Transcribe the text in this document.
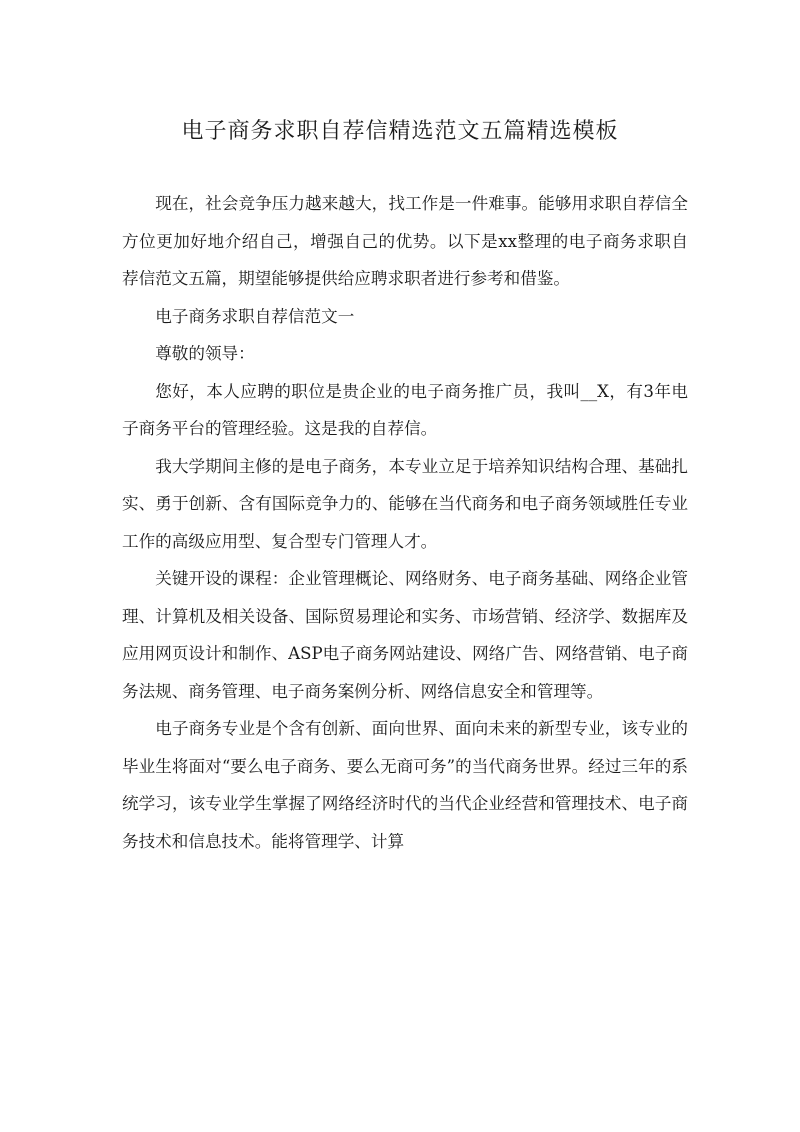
电子商务求职自荐信精选范文五篇精选模板

现在，社会竞争压力越来越大，找工作是一件难事。能够用求职自荐信全方位更加好地介绍自己，增强自己的优势。以下是xx整理的电子商务求职自荐信范文五篇，期望能够提供给应聘求职者进行参考和借鉴。

电子商务求职自荐信范文一

尊敬的领导：

您好，本人应聘的职位是贵企业的电子商务推广员，我叫__X，有3年电子商务平台的管理经验。这是我的自荐信。

我大学期间主修的是电子商务，本专业立足于培养知识结构合理、基础扎实、勇于创新、含有国际竞争力的、能够在当代商务和电子商务领域胜任专业工作的高级应用型、复合型专门管理人才。

关键开设的课程：企业管理概论、网络财务、电子商务基础、网络企业管理、计算机及相关设备、国际贸易理论和实务、市场营销、经济学、数据库及应用网页设计和制作、ASP电子商务网站建设、网络广告、网络营销、电子商务法规、商务管理、电子商务案例分析、网络信息安全和管理等。

电子商务专业是个含有创新、面向世界、面向未来的新型专业，该专业的毕业生将面对“要么电子商务、要么无商可务”的当代商务世界。经过三年的系统学习，该专业学生掌握了网络经济时代的当代企业经营和管理技术、电子商务技术和信息技术。能将管理学、计算
